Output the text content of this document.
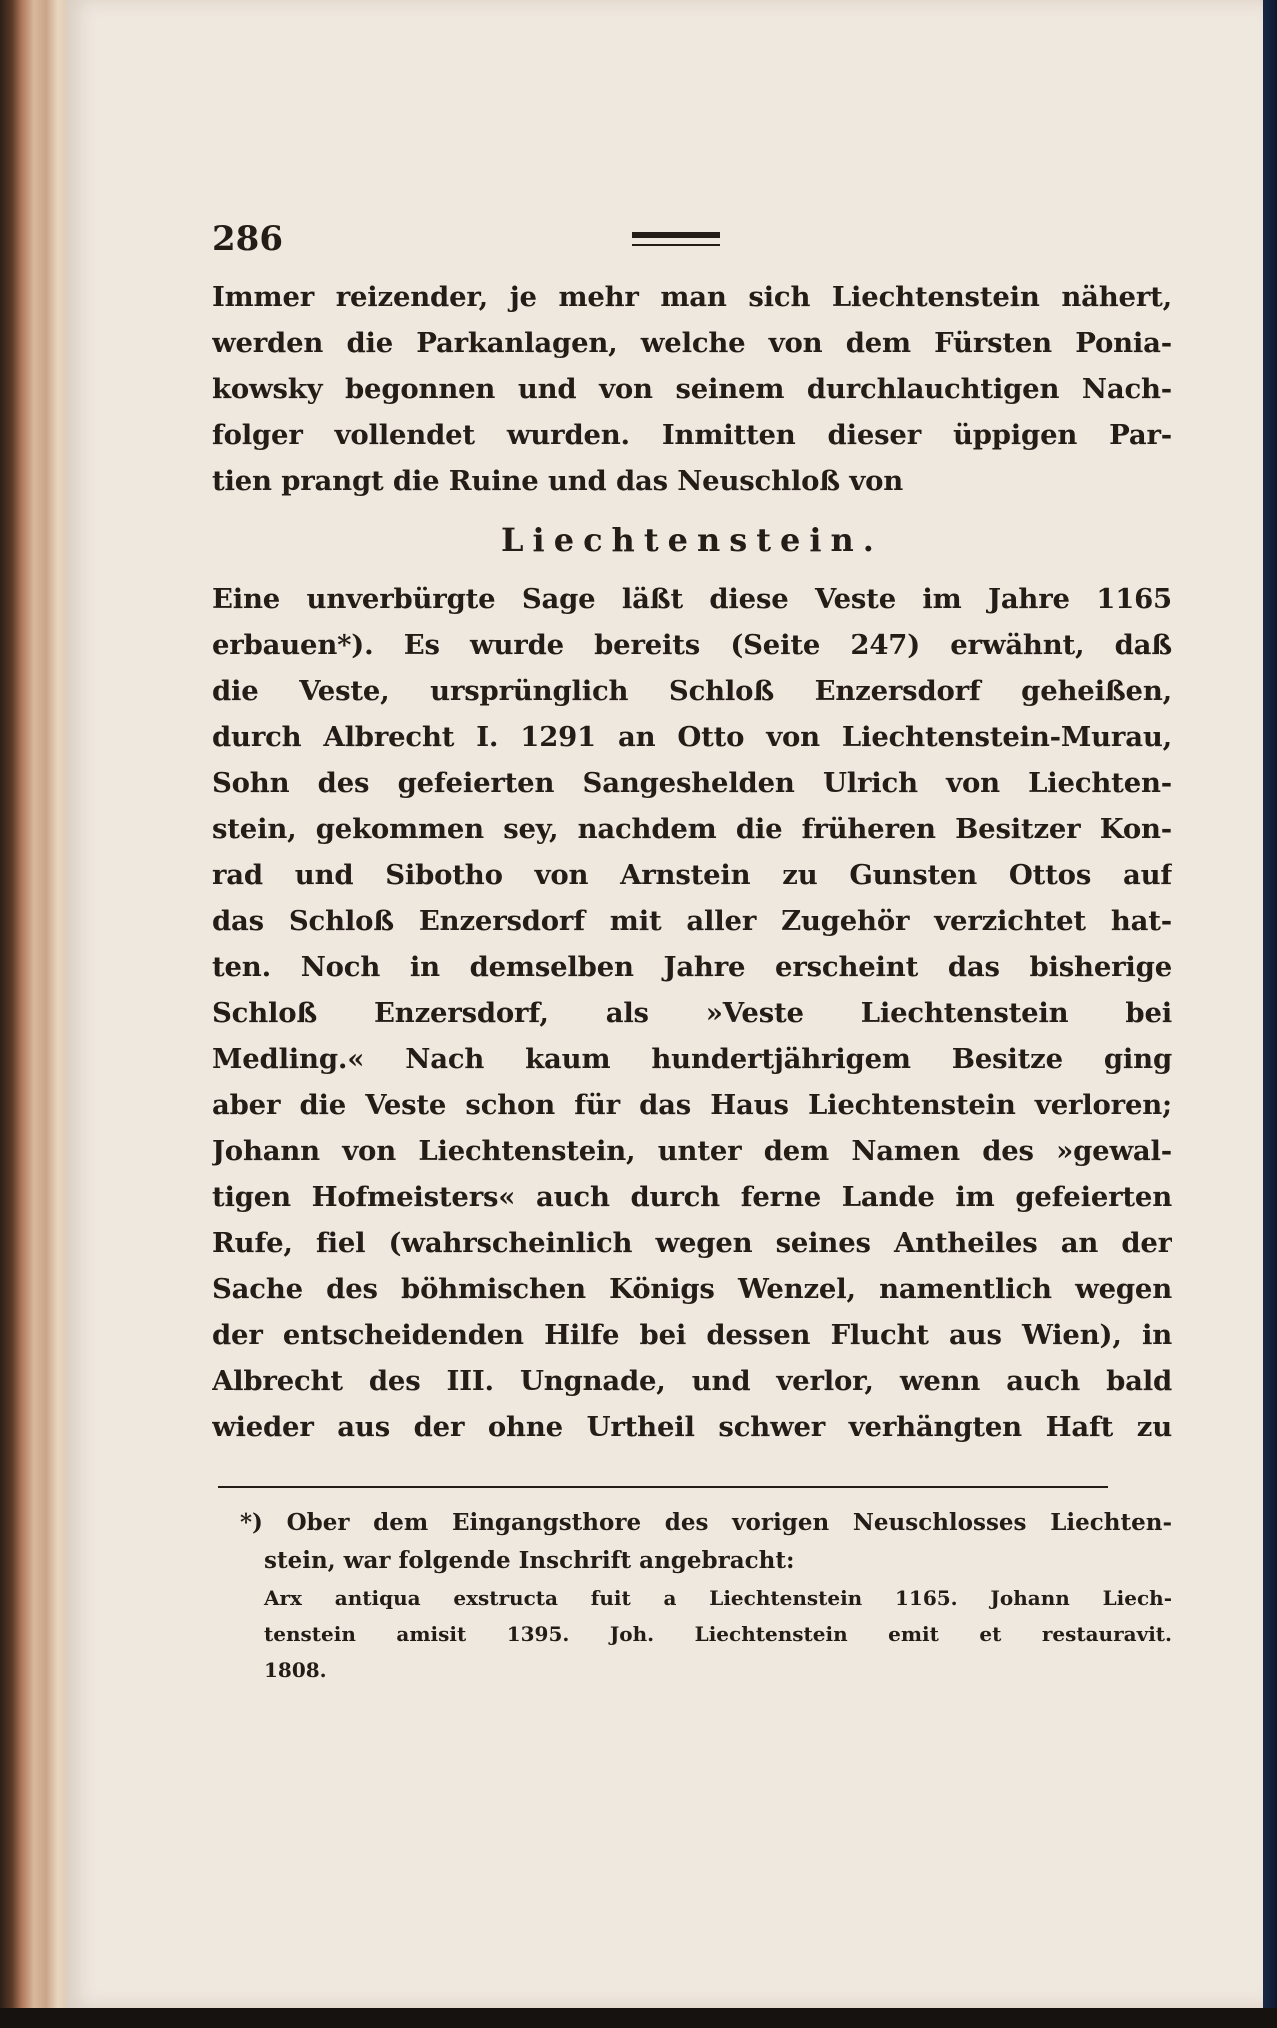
286
Immer reizender, je mehr man sich Liechtenstein nähert,
werden die Parkanlagen, welche von dem Fürsten Ponia-
kowsky begonnen und von seinem durchlauchtigen Nach-
folger vollendet wurden. Inmitten dieser üppigen Par-
tien prangt die Ruine und das Neuschloß von
Liechtenstein.
Eine unverbürgte Sage läßt diese Veste im Jahre 1165
erbauen*). Es wurde bereits (Seite 247) erwähnt, daß
die Veste, ursprünglich Schloß Enzersdorf geheißen,
durch Albrecht I. 1291 an Otto von Liechtenstein-Murau,
Sohn des gefeierten Sangeshelden Ulrich von Liechten-
stein, gekommen sey, nachdem die früheren Besitzer Kon-
rad und Sibotho von Arnstein zu Gunsten Ottos auf
das Schloß Enzersdorf mit aller Zugehör verzichtet hat-
ten. Noch in demselben Jahre erscheint das bisherige
Schloß Enzersdorf, als »Veste Liechtenstein bei
Medling.« Nach kaum hundertjährigem Besitze ging
aber die Veste schon für das Haus Liechtenstein verloren;
Johann von Liechtenstein, unter dem Namen des »gewal-
tigen Hofmeisters« auch durch ferne Lande im gefeierten
Rufe, fiel (wahrscheinlich wegen seines Antheiles an der
Sache des böhmischen Königs Wenzel, namentlich wegen
der entscheidenden Hilfe bei dessen Flucht aus Wien), in
Albrecht des III. Ungnade, und verlor, wenn auch bald
wieder aus der ohne Urtheil schwer verhängten Haft zu
*) Ober dem Eingangsthore des vorigen Neuschlosses Liechten-
stein, war folgende Inschrift angebracht:
Arx antiqua exstructa fuit a Liechtenstein 1165. Johann Liech-
tenstein amisit 1395. Joh. Liechtenstein emit et restauravit.
1808.
